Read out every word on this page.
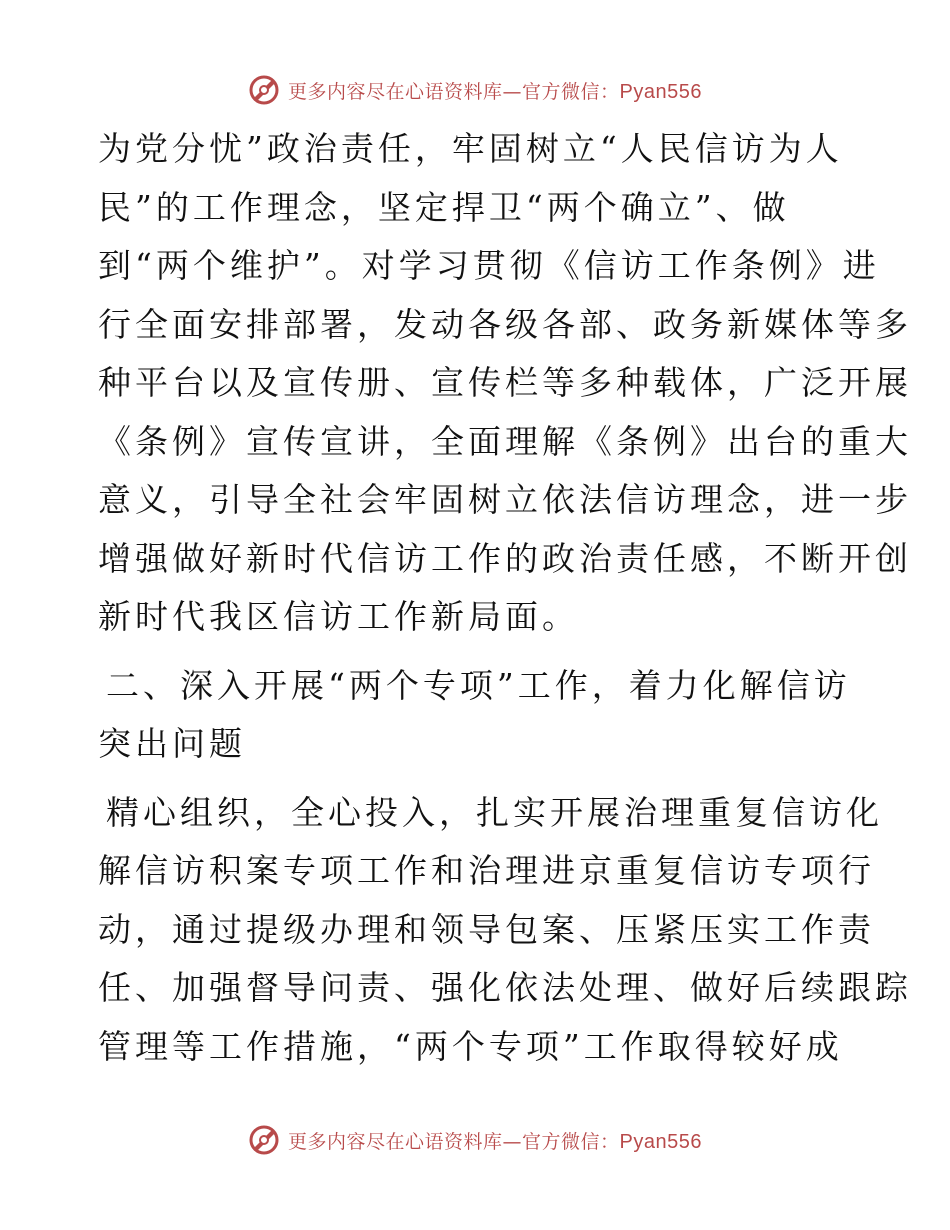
更多内容尽在心语资料库—官方微信：Pyan556
为党分忧”政治责任，牢固树立“人民信访为人
民”的工作理念，坚定捍卫“两个确立”、做
到“两个维护”。对学习贯彻《信访工作条例》进
行全面安排部署，发动各级各部、政务新媒体等多
种平台以及宣传册、宣传栏等多种载体，广泛开展
《条例》宣传宣讲，全面理解《条例》出台的重大
意义，引导全社会牢固树立依法信访理念，进一步
增强做好新时代信访工作的政治责任感，不断开创
新时代我区信访工作新局面。
二、深入开展“两个专项”工作，着力化解信访
突出问题
精心组织，全心投入，扎实开展治理重复信访化
解信访积案专项工作和治理进京重复信访专项行
动，通过提级办理和领导包案、压紧压实工作责
任、加强督导问责、强化依法处理、做好后续跟踪
管理等工作措施，“两个专项”工作取得较好成
更多内容尽在心语资料库—官方微信：Pyan556
